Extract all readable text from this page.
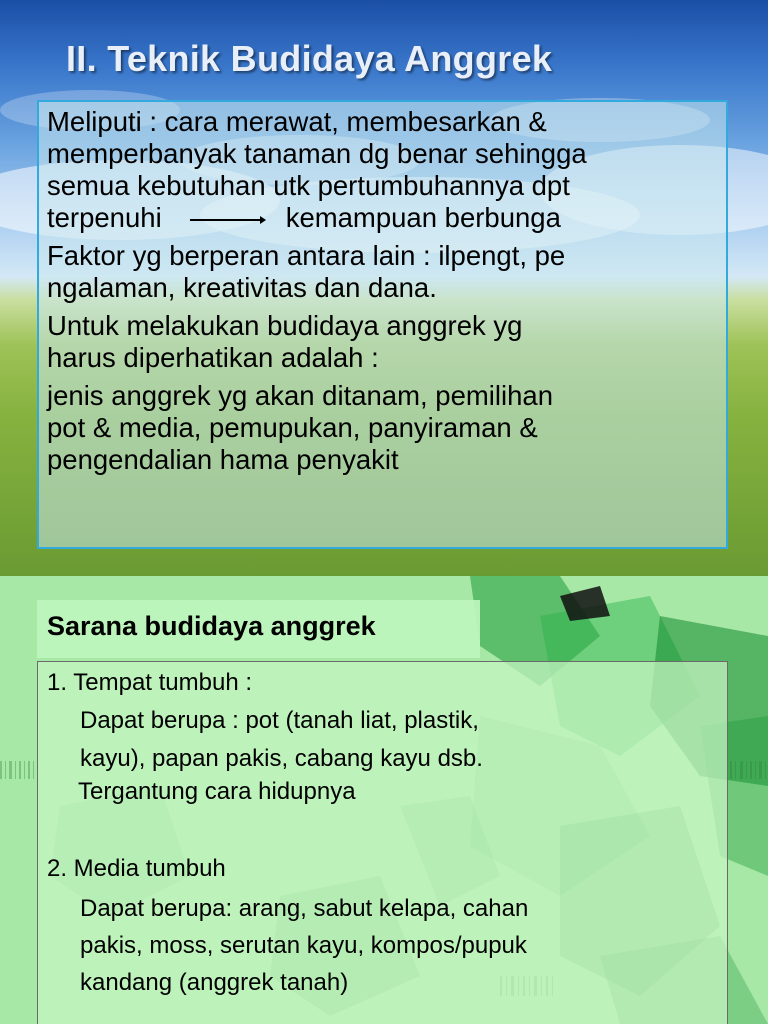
II. Teknik Budidaya Anggrek

Meliputi : cara merawat, membesarkan &
memperbanyak tanaman dg benar sehingga
semua kebutuhan utk pertumbuhannya dpt
terpenuhi	kemampuan berbunga

Faktor yg berperan antara lain : ilpengt, pe
ngalaman, kreativitas dan dana.

Untuk melakukan budidaya anggrek yg
harus diperhatikan adalah :

jenis anggrek yg akan ditanam, pemilihan
pot & media, pemupukan, panyiraman &
pengendalian hama penyakit

Sarana budidaya anggrek

1. Tempat tumbuh :

Dapat berupa : pot (tanah liat, plastik,

kayu), papan pakis, cabang kayu dsb.

Tergantung cara hidupnya

2. Media tumbuh

Dapat berupa: arang, sabut kelapa, cahan

pakis, moss, serutan kayu, kompos/pupuk

kandang (anggrek tanah)
